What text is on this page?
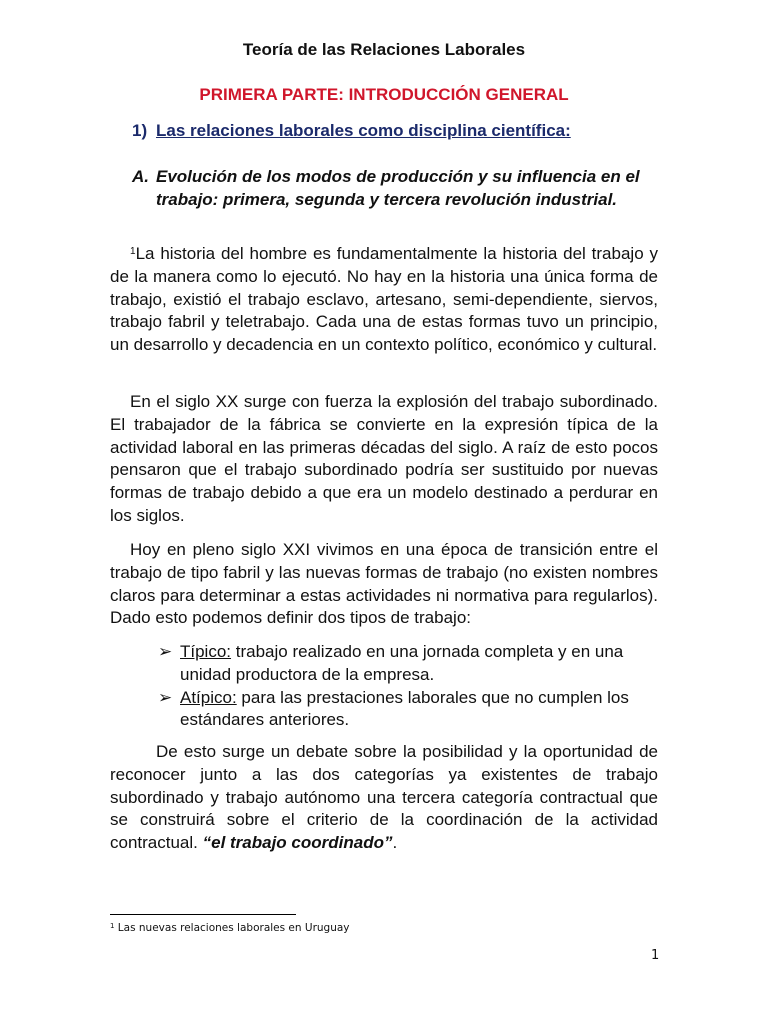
Teoría de las Relaciones Laborales
PRIMERA PARTE: INTRODUCCIÓN GENERAL
1) Las relaciones laborales como disciplina científica:
A. Evolución de los modos de producción y su influencia en el trabajo: primera, segunda y tercera revolución industrial.
$^1$La historia del hombre es fundamentalmente la historia del trabajo y de la manera como lo ejecutó. No hay en la historia una única forma de trabajo, existió el trabajo esclavo, artesano, semi-dependiente, siervos, trabajo fabril y teletrabajo. Cada una de estas formas tuvo un principio, un desarrollo y decadencia en un contexto político, económico y cultural.
En el siglo XX surge con fuerza la explosión del trabajo subordinado. El trabajador de la fábrica se convierte en la expresión típica de la actividad laboral en las primeras décadas del siglo. A raíz de esto pocos pensaron que el trabajo subordinado podría ser sustituido por nuevas formas de trabajo debido a que era un modelo destinado a perdurar en los siglos.
Hoy en pleno siglo XXI vivimos en una época de transición entre el trabajo de tipo fabril y las nuevas formas de trabajo (no existen nombres claros para determinar a estas actividades ni normativa para regularlos). Dado esto podemos definir dos tipos de trabajo:
➢ Típico: trabajo realizado en una jornada completa y en una unidad productora de la empresa.
➢ Atípico: para las prestaciones laborales que no cumplen los estándares anteriores.
De esto surge un debate sobre la posibilidad y la oportunidad de reconocer junto a las dos categorías ya existentes de trabajo subordinado y trabajo autónomo una tercera categoría contractual que se construirá sobre el criterio de la coordinación de la actividad contractual. “el trabajo coordinado”.
$^1$ Las nuevas relaciones laborales en Uruguay
1
